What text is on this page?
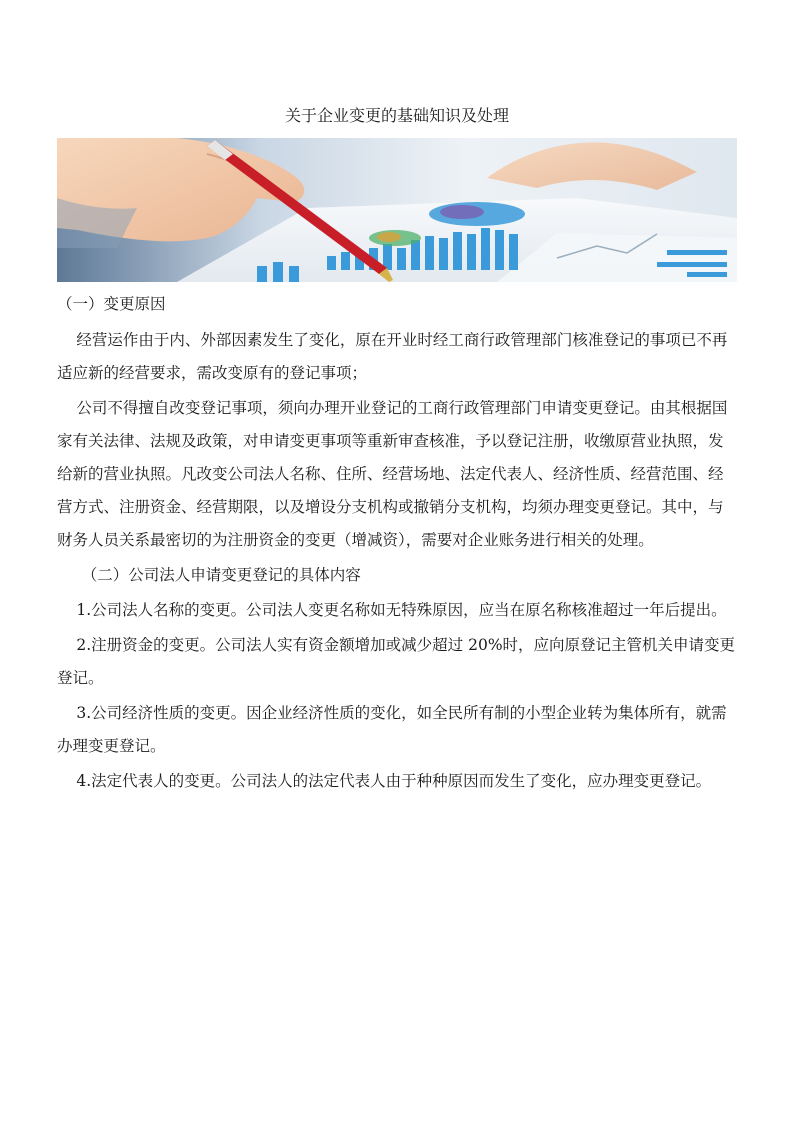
关于企业变更的基础知识及处理

（一）变更原因

经营运作由于内、外部因素发生了变化，原在开业时经工商行政管理部门核准登记的事项已不再适应新的经营要求，需改变原有的登记事项；

公司不得擅自改变登记事项，须向办理开业登记的工商行政管理部门申请变更登记。由其根据国家有关法律、法规及政策，对申请变更事项等重新审查核准，予以登记注册，收缴原营业执照，发给新的营业执照。凡改变公司法人名称、住所、经营场地、法定代表人、经济性质、经营范围、经营方式、注册资金、经营期限，以及增设分支机构或撤销分支机构，均须办理变更登记。其中，与财务人员关系最密切的为注册资金的变更（增减资），需要对企业账务进行相关的处理。

（二）公司法人申请变更登记的具体内容

1.公司法人名称的变更。公司法人变更名称如无特殊原因，应当在原名称核准超过一年后提出。

2.注册资金的变更。公司法人实有资金额增加或减少超过 20%时，应向原登记主管机关申请变更登记。

3.公司经济性质的变更。因企业经济性质的变化，如全民所有制的小型企业转为集体所有，就需办理变更登记。

4.法定代表人的变更。公司法人的法定代表人由于种种原因而发生了变化，应办理变更登记。
